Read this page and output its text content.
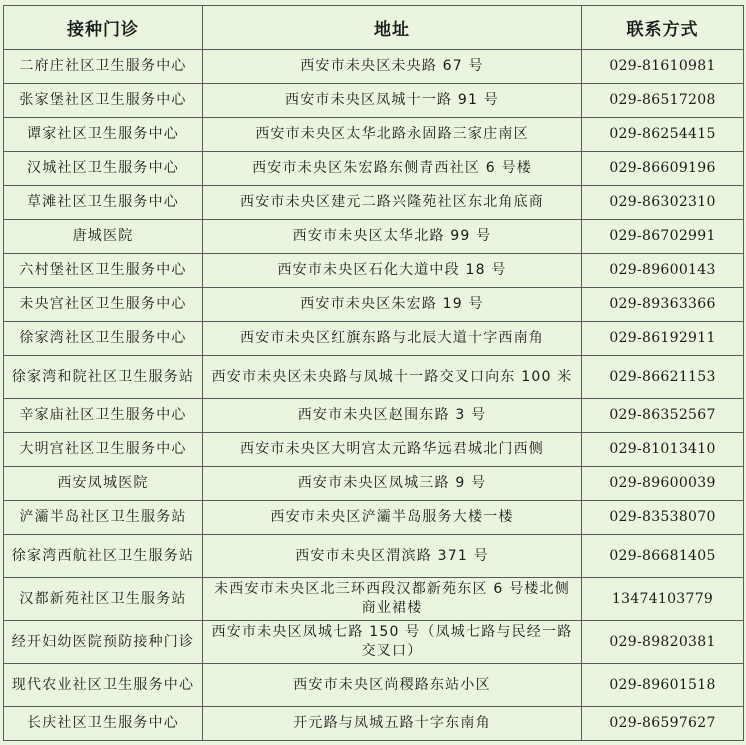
接种门诊	地址	联系方式
二府庄社区卫生服务中心	西安市未央区未央路 67 号	029-81610981
张家堡社区卫生服务中心	西安市未央区凤城十一路 91 号	029-86517208
谭家社区卫生服务中心	西安市未央区太华北路永固路三家庄南区	029-86254415
汉城社区卫生服务中心	西安市未央区朱宏路东侧青西社区 6 号楼	029-86609196
草滩社区卫生服务中心	西安市未央区建元二路兴隆苑社区东北角底商	029-86302310
唐城医院	西安市未央区太华北路 99 号	029-86702991
六村堡社区卫生服务中心	西安市未央区石化大道中段 18 号	029-89600143
未央宫社区卫生服务中心	西安市未央区朱宏路 19 号	029-89363366
徐家湾社区卫生服务中心	西安市未央区红旗东路与北辰大道十字西南角	029-86192911
徐家湾和院社区卫生服务站	西安市未央区未央路与凤城十一路交叉口向东 100 米	029-86621153
辛家庙社区卫生服务中心	西安市未央区赵围东路 3 号	029-86352567
大明宫社区卫生服务中心	西安市未央区大明宫太元路华远君城北门西侧	029-81013410
西安凤城医院	西安市未央区凤城三路 9 号	029-89600039
浐灞半岛社区卫生服务站	西安市未央区浐灞半岛服务大楼一楼	029-83538070
徐家湾西航社区卫生服务站	西安市未央区渭滨路 371 号	029-86681405
汉都新苑社区卫生服务站	未西安市未央区北三环西段汉都新苑东区 6 号楼北侧商业裙楼	13474103779
经开妇幼医院预防接种门诊	西安市未央区凤城七路 150 号（凤城七路与民经一路交叉口）	029-89820381
现代农业社区卫生服务中心	西安市未央区尚稷路东站小区	029-89601518
长庆社区卫生服务中心	开元路与凤城五路十字东南角	029-86597627
